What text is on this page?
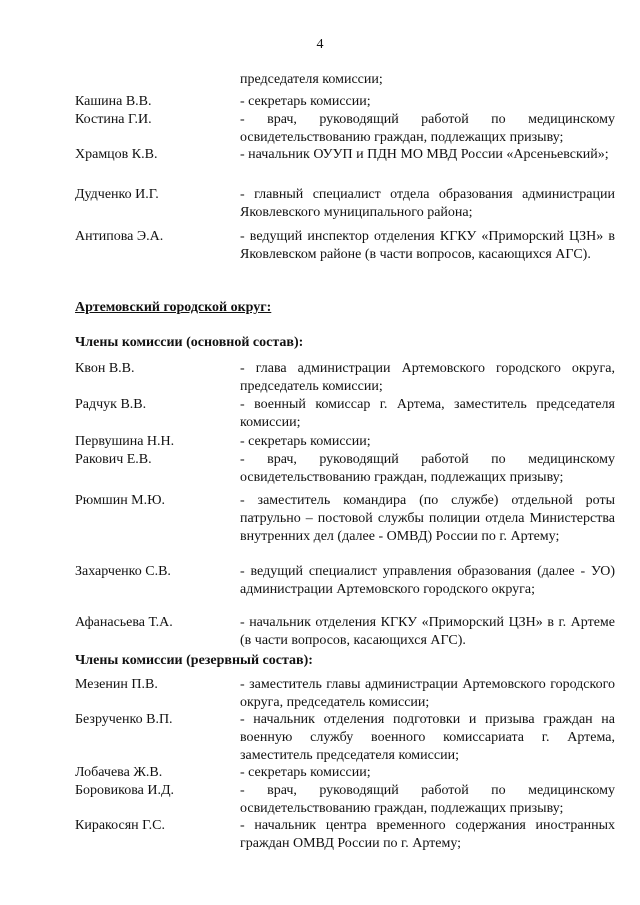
4
председателя комиссии;
Кашина В.В.	- секретарь комиссии;
Костина Г.И.	- врач, руководящий работой по медицинскому освидетельствованию граждан, подлежащих призыву;
Храмцов К.В.	- начальник ОУУП и ПДН МО МВД России «Арсеньевский»;
Дудченко И.Г.	- главный специалист отдела образования администрации Яковлевского муниципального района;
Антипова Э.А.	- ведущий инспектор отделения КГКУ «Приморский ЦЗН» в Яковлевском районе (в части вопросов, касающихся АГС).
Артемовский городской округ:
Члены комиссии (основной состав):
Квон В.В.	- глава администрации Артемовского городского округа, председатель комиссии;
Радчук В.В.	- военный комиссар г. Артема, заместитель председателя комиссии;
Первушина Н.Н.	- секретарь комиссии;
Ракович Е.В.	- врач, руководящий работой по медицинскому освидетельствованию граждан, подлежащих призыву;
Рюмшин М.Ю.	- заместитель командира (по службе) отдельной роты патрульно – постовой службы полиции отдела Министерства внутренних дел (далее - ОМВД) России по г. Артему;
Захарченко С.В.	- ведущий специалист управления образования (далее - УО) администрации Артемовского городского округа;
Афанасьева Т.А.	- начальник отделения КГКУ «Приморский ЦЗН» в г. Артеме (в части вопросов, касающихся АГС).
Члены комиссии (резервный состав):
Мезенин П.В.	- заместитель главы администрации Артемовского городского округа, председатель комиссии;
Безрученко В.П.	- начальник отделения подготовки и призыва граждан на военную службу военного комиссариата г. Артема, заместитель председателя комиссии;
Лобачева Ж.В.	- секретарь комиссии;
Боровикова И.Д.	- врач, руководящий работой по медицинскому освидетельствованию граждан, подлежащих призыву;
Киракосян Г.С.	- начальник центра временного содержания иностранных граждан ОМВД России по г. Артему;
